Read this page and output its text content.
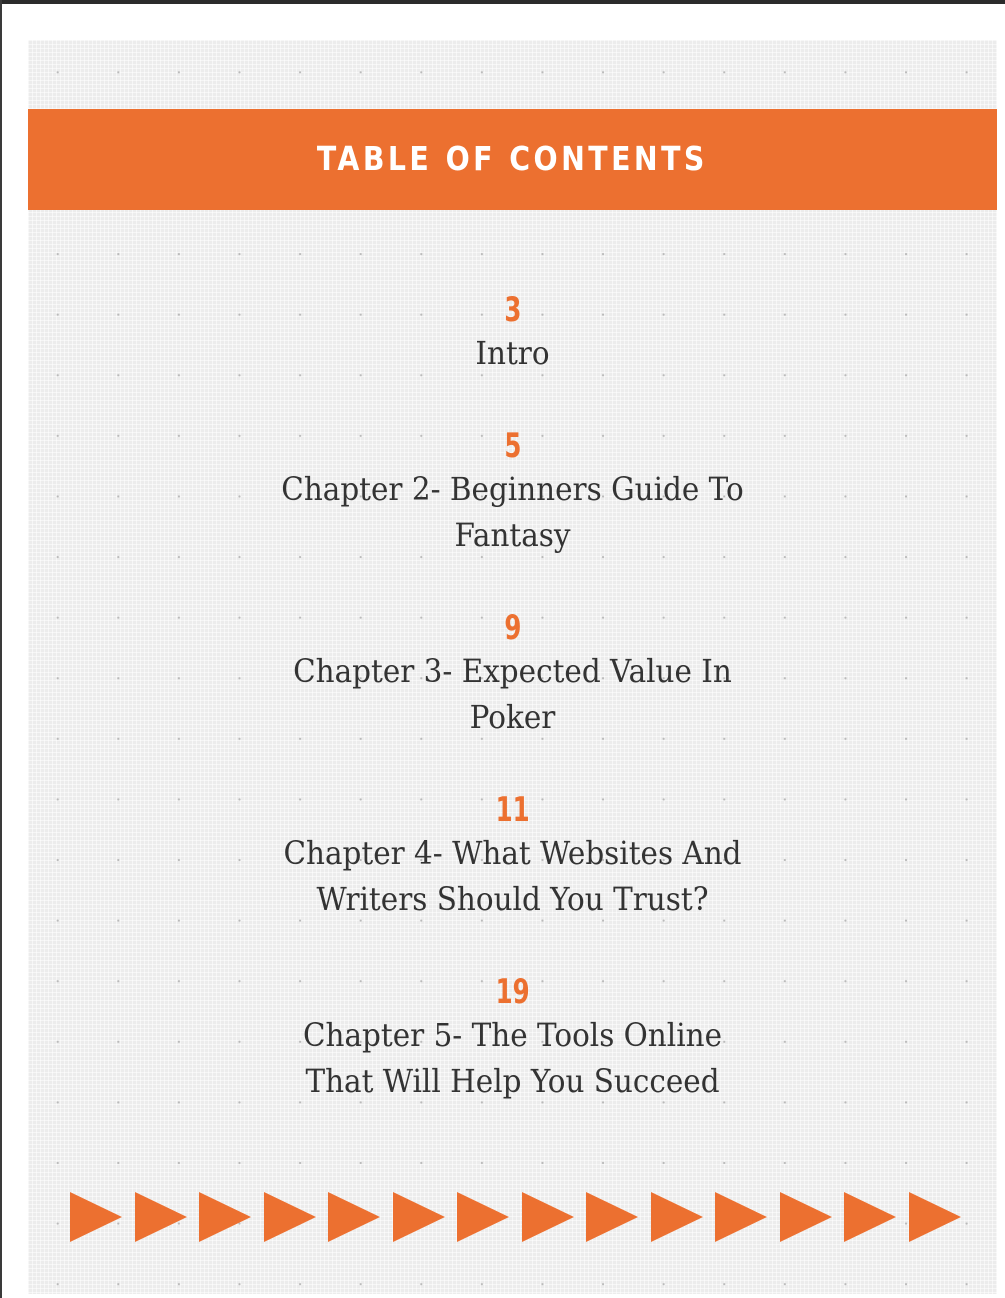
TABLE OF CONTENTS
3
Intro
5
Chapter 2- Beginners Guide To
Fantasy
9
Chapter 3- Expected Value In
Poker
11
Chapter 4- What Websites And
Writers Should You Trust?
19
Chapter 5- The Tools Online
That Will Help You Succeed
